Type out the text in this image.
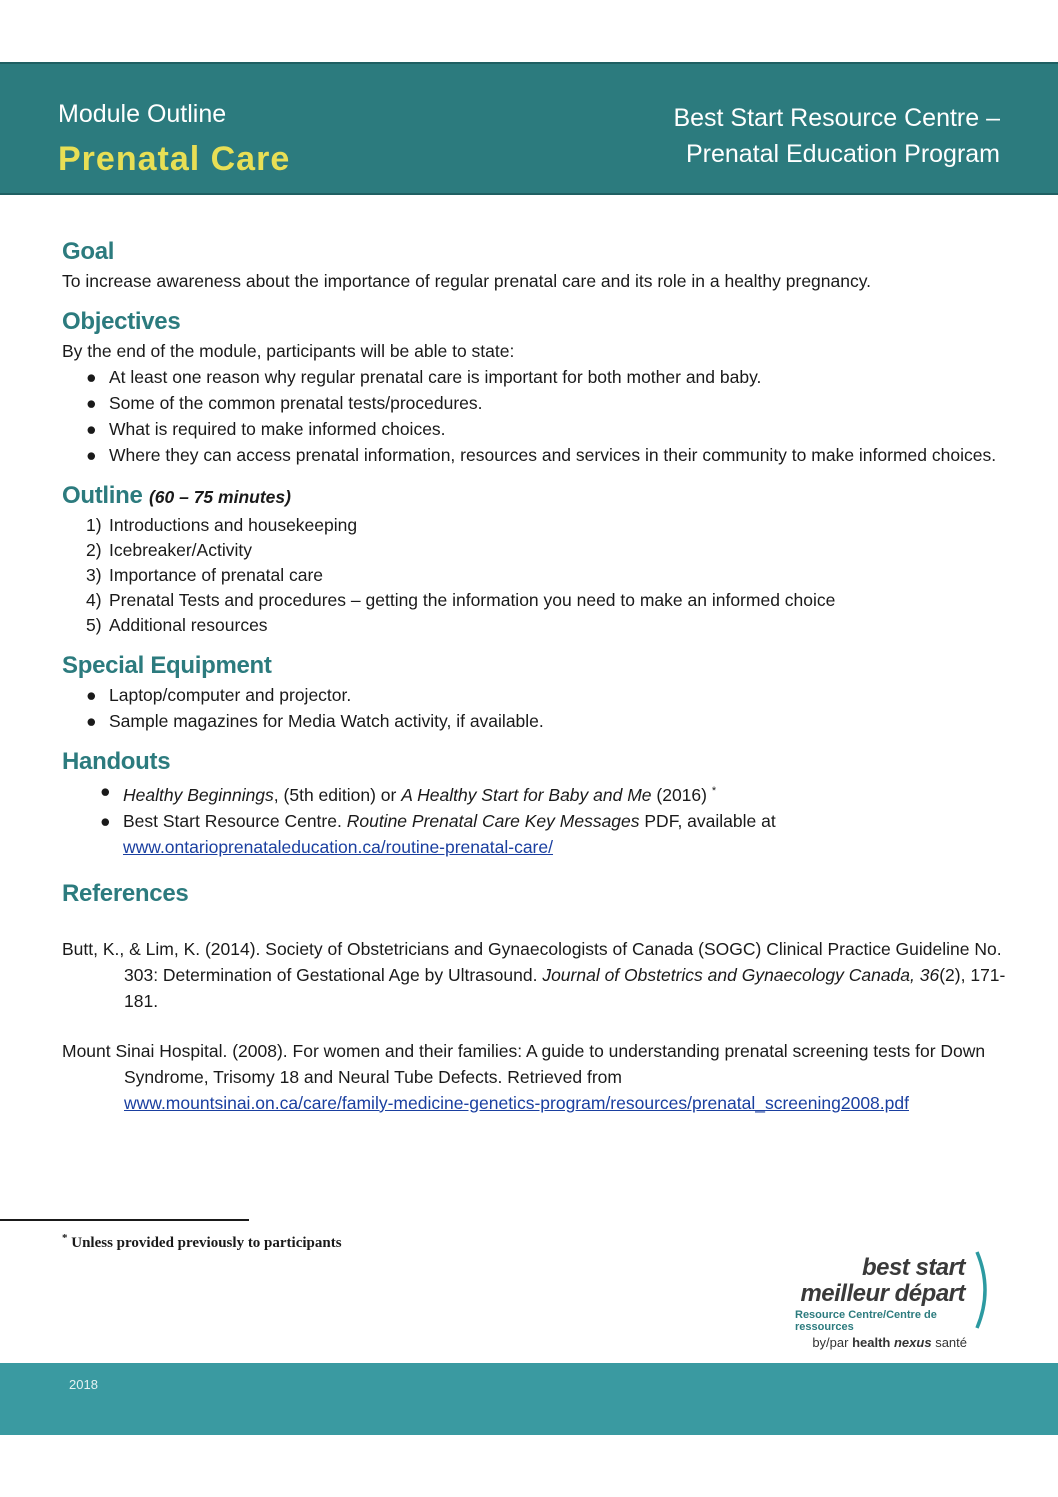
Module Outline
Prenatal Care
Best Start Resource Centre –
Prenatal Education Program
Goal

To increase awareness about the importance of regular prenatal care and its role in a healthy pregnancy.

Objectives

By the end of the module, participants will be able to state:

● At least one reason why regular prenatal care is important for both mother and baby.
● Some of the common prenatal tests/procedures.
● What is required to make informed choices.
● Where they can access prenatal information, resources and services in their community to make informed choices.
Outline (60 – 75 minutes)
1) Introductions and housekeeping
2) Icebreaker/Activity
3) Importance of prenatal care
4) Prenatal Tests and procedures – getting the information you need to make an informed choice
5) Additional resources
Special Equipment
● Laptop/computer and projector.
● Sample magazines for Media Watch activity, if available.
Handouts
● Healthy Beginnings, (5th edition) or A Healthy Start for Baby and Me (2016) *
● Best Start Resource Centre. Routine Prenatal Care Key Messages PDF, available at
www.ontarioprenataleducation.ca/routine-prenatal-care/
References

Butt, K., & Lim, K. (2014). Society of Obstetricians and Gynaecologists of Canada (SOGC) Clinical Practice Guideline No. 303: Determination of Gestational Age by Ultrasound. Journal of Obstetrics and Gynaecology Canada, 36(2), 171-181.

Mount Sinai Hospital. (2008). For women and their families: A guide to understanding prenatal screening tests for Down Syndrome, Trisomy 18 and Neural Tube Defects. Retrieved from
www.mountsinai.on.ca/care/family-medicine-genetics-program/resources/prenatal_screening2008.pdf

* Unless provided previously to participants
best start
meilleur départ
Resource Centre/Centre de ressources
by/par health nexus santé
2018
